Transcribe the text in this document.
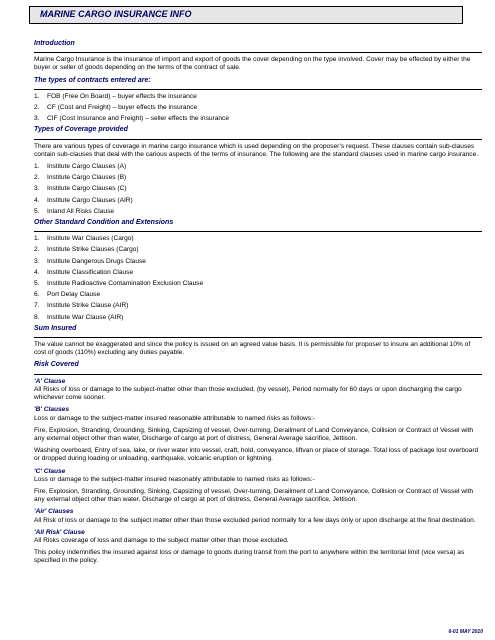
MARINE CARGO INSURANCE INFO
Introduction
Marine Cargo Insurance is the insurance of import and export of goods the cover depending on the type involved. Cover may be effected by either the buyer or seller of goods depending on the terms of the contract of sale.
The types of contracts entered are:
1.	FOB (Free On Board) – buyer effects the insurance
2.	CF (Cost and Freight) – buyer effects the insurance
3.	CIF (Cost Insurance and Freight) – seller effects the insurance
Types of Coverage provided
There are various types of coverage in marine cargo insurance which is used depending on the proposer’s request. These clauses contain sub-clauses contain sub-clauses that deal with the carious aspects of the terms of insurance. The following are the standard clauses used in marine cargo insurance.
1.	Institute Cargo Clauses (A)
2.	Institute Cargo Clauses (B)
3.	Institute Cargo Clauses (C)
4.	Institute Cargo Clauses (AIR)
5.	Inland All Risks Clause
Other Standard Condition and Extensions
1.	Institute War Clauses (Cargo)
2.	Institute Strike Clauses (Cargo)
3.	Institute Dangerous Drugs Clause
4.	Institute Classification Clause
5.	Institute Radioactive Contamination Exclusion Clause
6.	Port Delay Clause
7.	Institute Strike Clause (AIR)
8.	Institute War Clause (AIR)
Sum Insured
The value cannot be exaggerated and since the policy is issued on an agreed value basis. It is permissible for proposer to insure an additional 10% of cost of goods (110%) excluding any duties payable.
Risk Covered
'A' Clause
All Risks of loss or damage to the subject-matter other than those excluded, (by vessel), Period normally for 60 days or upon discharging the cargo whichever come sooner.
'B' Clauses
Loss or damage to the subject-matter insured reasonable attributable to named risks as follows:-
Fire, Explosion, Stranding, Grounding, Sinking, Capsizing of vessel, Over-turning, Derailment of Land Conveyance, Collision or Contract of Vessel with any external object other than water, Discharge of cargo at port of distress, General Average sacrifice, Jettison.
Washing overboard, Entry of sea, lake, or river water into vessel, craft, hold, conveyance, liftvan or place of storage. Total loss of package lost overboard or dropped during loading or unloading, earthquake, volcanic eruption or lightning.
'C' Clause
Loss or damage to the subject-matter insured reasonably attributable to named risks as follows:-
Fire, Explosion, Stranding, Grounding, Sinking, Capsizing of vessel, Over-turning, Derailment of Land Conveyance, Collision or Contract of Vessel with any external object other than water, Discharge of cargo at port of distress, General Average sacrifice, Jettison.
'Air' Clauses
All Risk of loss or damage to the subject matter other than those excluded period normally for a few days only or upon discharge at the final destination.
'All Risk' Clause
All Risks coverage of loss and damage to the subject matter other than those excluded.
This policy indemnifies the insured against loss or damage to goods during transit from the port to anywhere within the territorial limit (vice versa) as specified in the policy.
6-01 MAY 2010
